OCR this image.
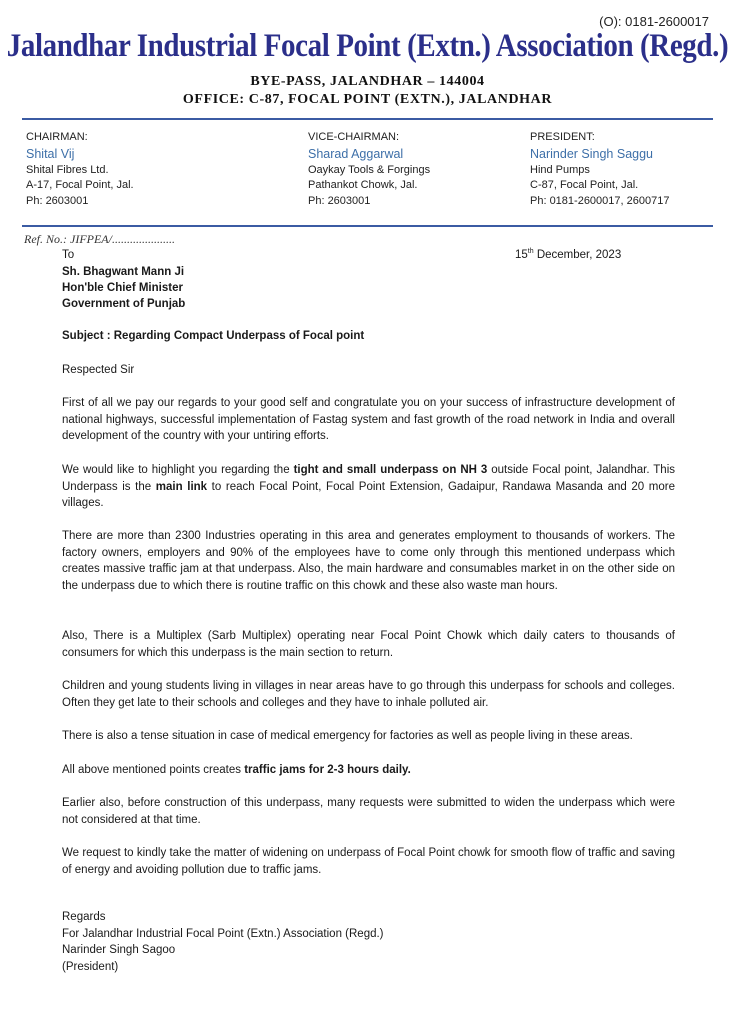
(O): 0181-2600017
Jalandhar Industrial Focal Point (Extn.) Association (Regd.)
BYE-PASS, JALANDHAR – 144004
OFFICE: C-87, FOCAL POINT (EXTN.), JALANDHAR
CHAIRMAN:
Shital Vij
Shital Fibres Ltd.
A-17, Focal Point, Jal.
Ph: 2603001
VICE-CHAIRMAN:
Sharad Aggarwal
Oaykay Tools & Forgings
Pathankot Chowk, Jal.
Ph: 2603001
PRESIDENT:
Narinder Singh Saggu
Hind Pumps
C-87, Focal Point, Jal.
Ph: 0181-2600017, 2600717
Ref. No.: JIFPEA/.....................
To	15th December, 2023
Sh. Bhagwant Mann Ji
Hon'ble Chief Minister
Government of Punjab
Subject : Regarding Compact Underpass of Focal point
Respected Sir
First of all we pay our regards to your good self and congratulate you on your success of infrastructure development of national highways, successful implementation of Fastag system and fast growth of the road network in India and overall development of the country with your untiring efforts.
We would like to highlight you regarding the tight and small underpass on NH 3 outside Focal point, Jalandhar. This Underpass is the main link to reach Focal Point, Focal Point Extension, Gadaipur, Randawa Masanda and 20 more villages.
There are more than 2300 Industries operating in this area and generates employment to thousands of workers. The factory owners, employers and 90% of the employees have to come only through this mentioned underpass which creates massive traffic jam at that underpass. Also, the main hardware and consumables market in on the other side on the underpass due to which there is routine traffic on this chowk and these also waste man hours.
Also, There is a Multiplex (Sarb Multiplex) operating near Focal Point Chowk which daily caters to thousands of consumers for which this underpass is the main section to return.
Children and young students living in villages in near areas have to go through this underpass for schools and colleges. Often they get late to their schools and colleges and they have to inhale polluted air.
There is also a tense situation in case of medical emergency for factories as well as people living in these areas.
All above mentioned points creates traffic jams for 2-3 hours daily.
Earlier also, before construction of this underpass, many requests were submitted to widen the underpass which were not considered at that time.
We request to kindly take the matter of widening on underpass of Focal Point chowk for smooth flow of traffic and saving of energy and avoiding pollution due to traffic jams.
Regards
For Jalandhar Industrial Focal Point (Extn.) Association (Regd.)
Narinder Singh Sagoo
(President)
